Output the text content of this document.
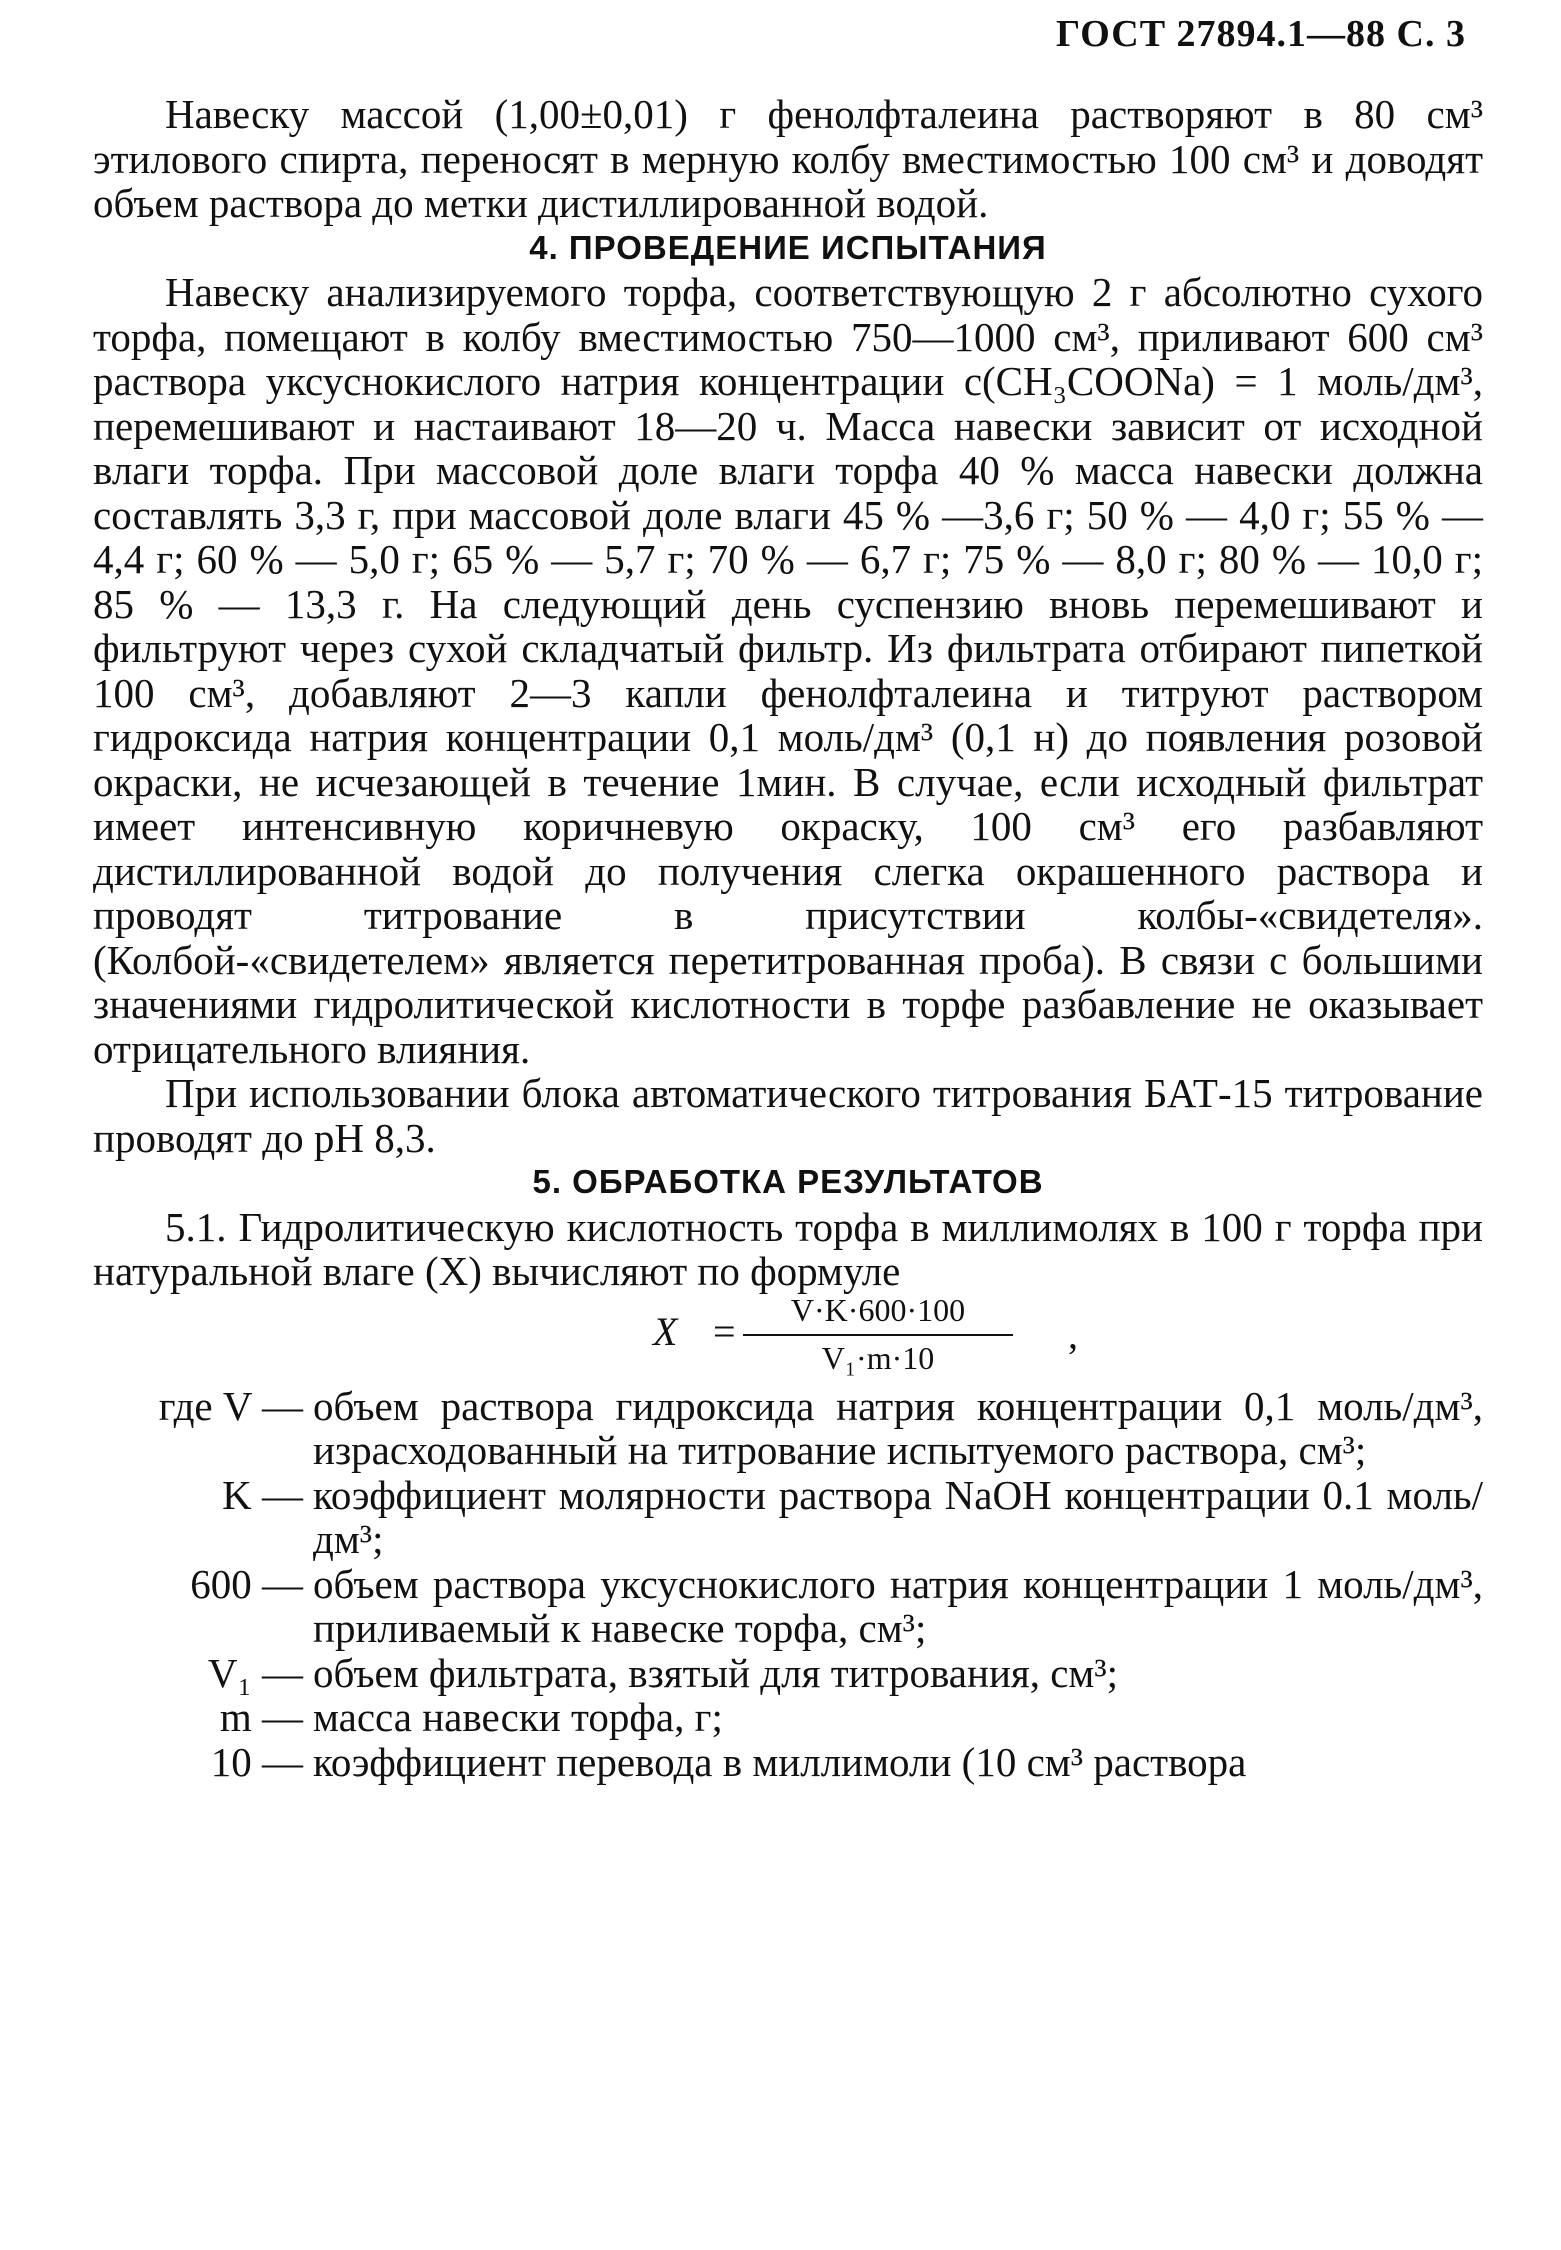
ГОСТ 27894.1—88 С. 3

Навеску массой (1,00±0,01) г фенолфталеина растворяют в 80 см³ этилового спирта, переносят в мерную колбу вместимостью 100 см³ и доводят объем раствора до метки дистиллированной водой.

4. ПРОВЕДЕНИЕ ИСПЫТАНИЯ

Навеску анализируемого торфа, соответствующую 2 г абсолютно сухого торфа, помещают в колбу вместимостью 750—1000 см³, приливают 600 см³ раствора уксуснокислого натрия концентрации c(CH₃COONa) = 1 моль/дм³, перемешивают и настаивают 18—20 ч. Масса навески зависит от исходной влаги торфа. При массовой доле влаги торфа 40 % масса навески должна составлять 3,3 г, при массовой доле влаги 45 % —3,6 г; 50 % — 4,0 г; 55 % — 4,4 г; 60 % — 5,0 г; 65 % — 5,7 г; 70 % — 6,7 г; 75 % — 8,0 г; 80 % — 10,0 г; 85 % — 13,3 г. На следующий день суспензию вновь перемешивают и фильтруют через сухой складчатый фильтр. Из фильтрата отбирают пипеткой 100 см³, добавляют 2—3 капли фенолфталеина и титруют раствором гидроксида натрия концентрации 0,1 моль/дм³ (0,1 н) до появления розовой окраски, не исчезающей в течение 1мин. В случае, если исходный фильтрат имеет интенсивную коричневую окраску, 100 см³ его разбавляют дистиллированной водой до получения слегка окрашенного раствора и проводят титрование в присутствии колбы-«свидетеля». (Колбой-«свидетелем» является перетитрованная проба). В связи с большими значениями гидролитической кислотности в торфе разбавление не оказывает отрицательного влияния.

При использовании блока автоматического титрования БАТ-15 титрование проводят до рН 8,3.

5. ОБРАБОТКА РЕЗУЛЬТАТОВ

5.1. Гидролитическую кислотность торфа в миллимолях в 100 г торфа при натуральной влаге (X) вычисляют по формуле

X =	V·K·600·100
V₁·m·10
,
где V — объем раствора гидроксида натрия концентрации 0,1 моль/дм³, израсходованный на титрование испытуемого раствора, см³;
K — коэффициент молярности раствора NaOH концентрации 0.1 моль/дм³;
600 — объем раствора уксуснокислого натрия концентрации 1 моль/дм³, приливаемый к навеске торфа, см³;
V₁ — объем фильтрата, взятый для титрования, см³;
m — масса навески торфа, г;
10 — коэффициент перевода в миллимоли (10 см³ раствора
